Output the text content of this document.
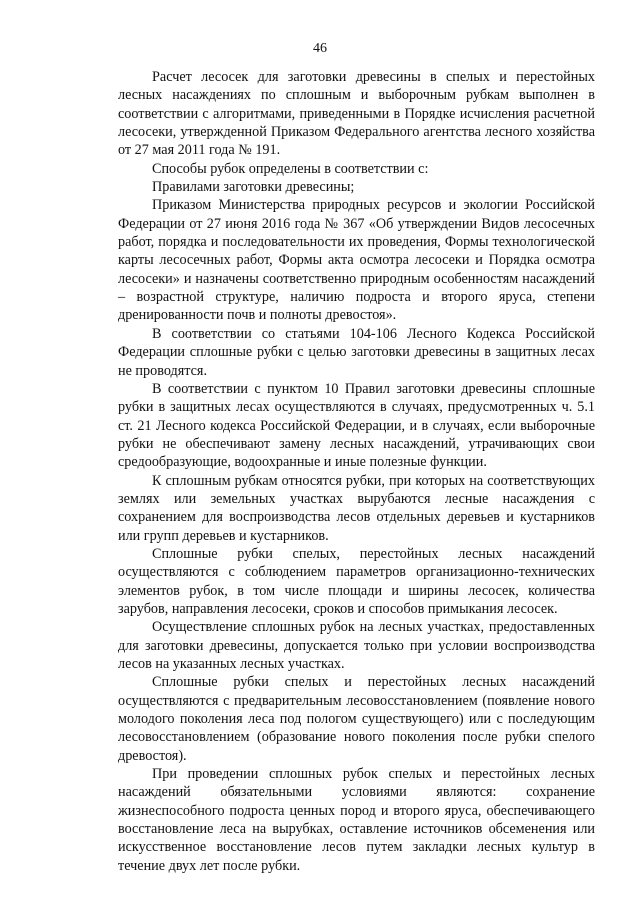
46

Расчет лесосек для заготовки древесины в спелых и перестойных лесных насаждениях по сплошным и выборочным рубкам выполнен в соответствии с алгоритмами, приведенными в Порядке исчисления расчетной лесосеки, утвержденной Приказом Федерального агентства лесного хозяйства от 27 мая 2011 года № 191.

Способы рубок определены в соответствии с:

Правилами заготовки древесины;

Приказом Министерства природных ресурсов и экологии Российской Федерации от 27 июня 2016 года № 367 «Об утверждении Видов лесосечных работ, порядка и последовательности их проведения, Формы технологической карты лесосечных работ, Формы акта осмотра лесосеки и Порядка осмотра лесосеки» и назначены соответственно природным особенностям насаждений – возрастной структуре, наличию подроста и второго яруса, степени дренированности почв и полноты древостоя».

В соответствии со статьями 104-106 Лесного Кодекса Российской Федерации сплошные рубки с целью заготовки древесины в защитных лесах не проводятся.

В соответствии с пунктом 10 Правил заготовки древесины сплошные рубки в защитных лесах осуществляются в случаях, предусмотренных ч. 5.1 ст. 21 Лесного кодекса Российской Федерации, и в случаях, если выборочные рубки не обеспечивают замену лесных насаждений, утрачивающих свои средообразующие, водоохранные и иные полезные функции.

К сплошным рубкам относятся рубки, при которых на соответствующих землях или земельных участках вырубаются лесные насаждения с сохранением для воспроизводства лесов отдельных деревьев и кустарников или групп деревьев и кустарников.

Сплошные рубки спелых, перестойных лесных насаждений осуществляются с соблюдением параметров организационно-технических элементов рубок, в том числе площади и ширины лесосек, количества зарубов, направления лесосеки, сроков и способов примыкания лесосек.

Осуществление сплошных рубок на лесных участках, предоставленных для заготовки древесины, допускается только при условии воспроизводства лесов на указанных лесных участках.

Сплошные рубки спелых и перестойных лесных насаждений осуществляются с предварительным лесовосстановлением (появление нового молодого поколения леса под пологом существующего) или с последующим лесовосстановлением (образование нового поколения после рубки спелого древостоя).

При проведении сплошных рубок спелых и перестойных лесных насаждений обязательными условиями являются: сохранение жизнеспособного подроста ценных пород и второго яруса, обеспечивающего восстановление леса на вырубках, оставление источников обсеменения или искусственное восстановление лесов путем закладки лесных культур в течение двух лет после рубки.
